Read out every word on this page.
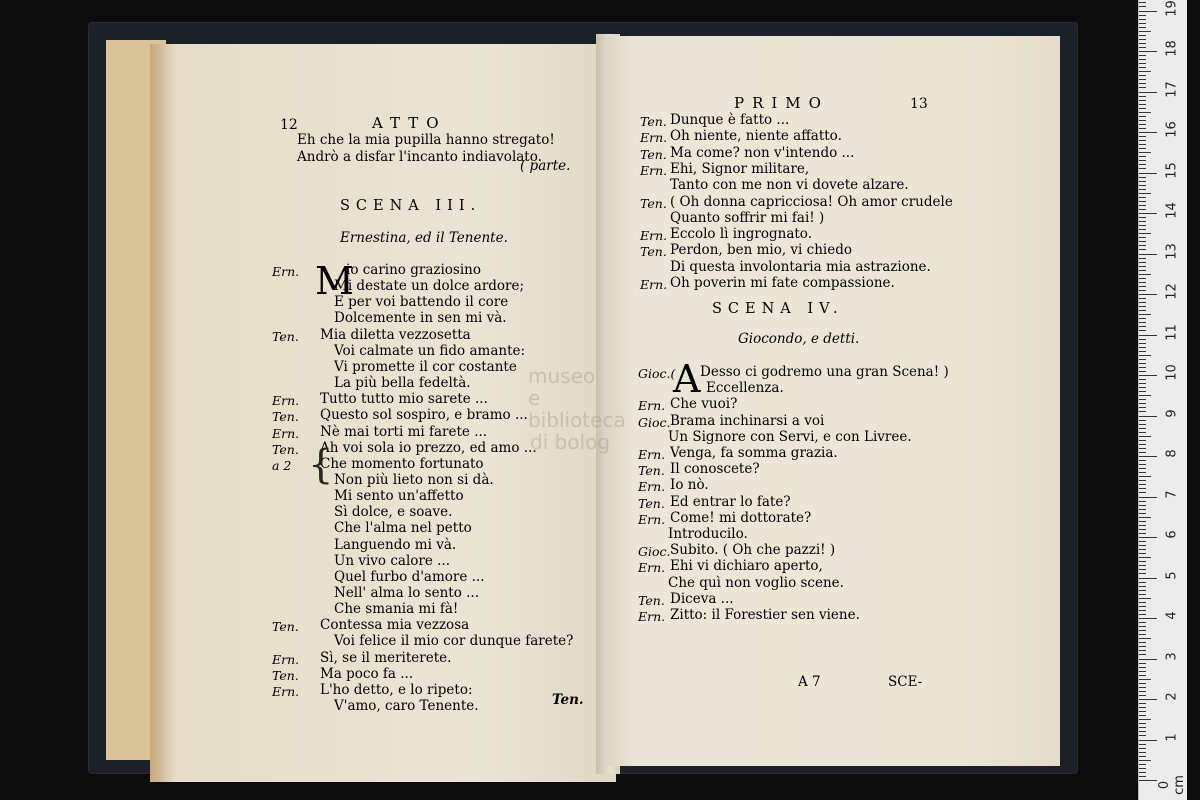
12	ATTO
Eh che la mia pupilla hanno stregato!
Andrò a disfar l'incanto indiavolato.
( parte.
SCENA III.
Ernestina, ed il Tenente.
M
Ern.	io carino graziosino
Mi destate un dolce ardore;
E per voi battendo il core
Dolcemente in sen mi và.
Ten. Mia diletta vezzosetta
Voi calmate un fido amante:
Vi promette il cor costante
La più bella fedeltà.
Ern. Tutto tutto mio sarete ...
Ten. Questo sol sospiro, e bramo ...
Ern. Nè mai torti mi farete ...
Ten. Ah voi sola io prezzo, ed amo ...
a 2 Che momento fortunato
Non più lieto non si dà.
Mi sento un'affetto
Sì dolce, e soave.
Che l'alma nel petto
Languendo mi và.
Un vivo calore ...
Quel furbo d'amore ...
Nell' alma lo sento ...
Che smania mi fà!
Ten. Contessa mia vezzosa
Voi felice il mio cor dunque farete?
Ern. Sì, se il meriterete.
Ten. Ma poco fa ...
Ern. L'ho detto, e lo ripeto:
V'amo, caro Tenente.
{
Ten.
PRIMO	13
Ten. Dunque è fatto ...
Ern. Oh niente, niente affatto.
Ten. Ma come? non v'intendo ...
Ern. Ehi, Signor militare,
Tanto con me non vi dovete alzare.
Ten. ( Oh donna capricciosa! Oh amor crudele
Quanto soffrir mi fai! )
Ern. Eccolo lì ingrognato.
Ten. Perdon, ben mio, vi chiedo
Di questa involontaria mia astrazione.
Ern. Oh poverin mi fate compassione.
SCENA IV.
Giocondo, e detti.
Gioc.(
A Desso ci godremo una gran Scena! )
Eccellenza.
Ern. Che vuoi?
Gioc. Brama inchinarsi a voi
Un Signore con Servi, e con Livree.
Ern. Venga, fa somma grazia.
Ten. Il conoscete?
Ern. Io nò.
Ten. Ed entrar lo fate?
Ern. Come! mi dottorate?
Introducilo.
Gioc. Subito. ( Oh che pazzi! )
Ern. Ehi vi dichiaro aperto,
Che quì non voglio scene.
Ten. Diceva ...
Ern. Zitto: il Forestier sen viene.
A 7	SCE-
museo
e biblioteca
di bolog
0 cm
1
2
3
4
5
6
7
8
9
10
11
12
13
14
15
16
17
18
19
